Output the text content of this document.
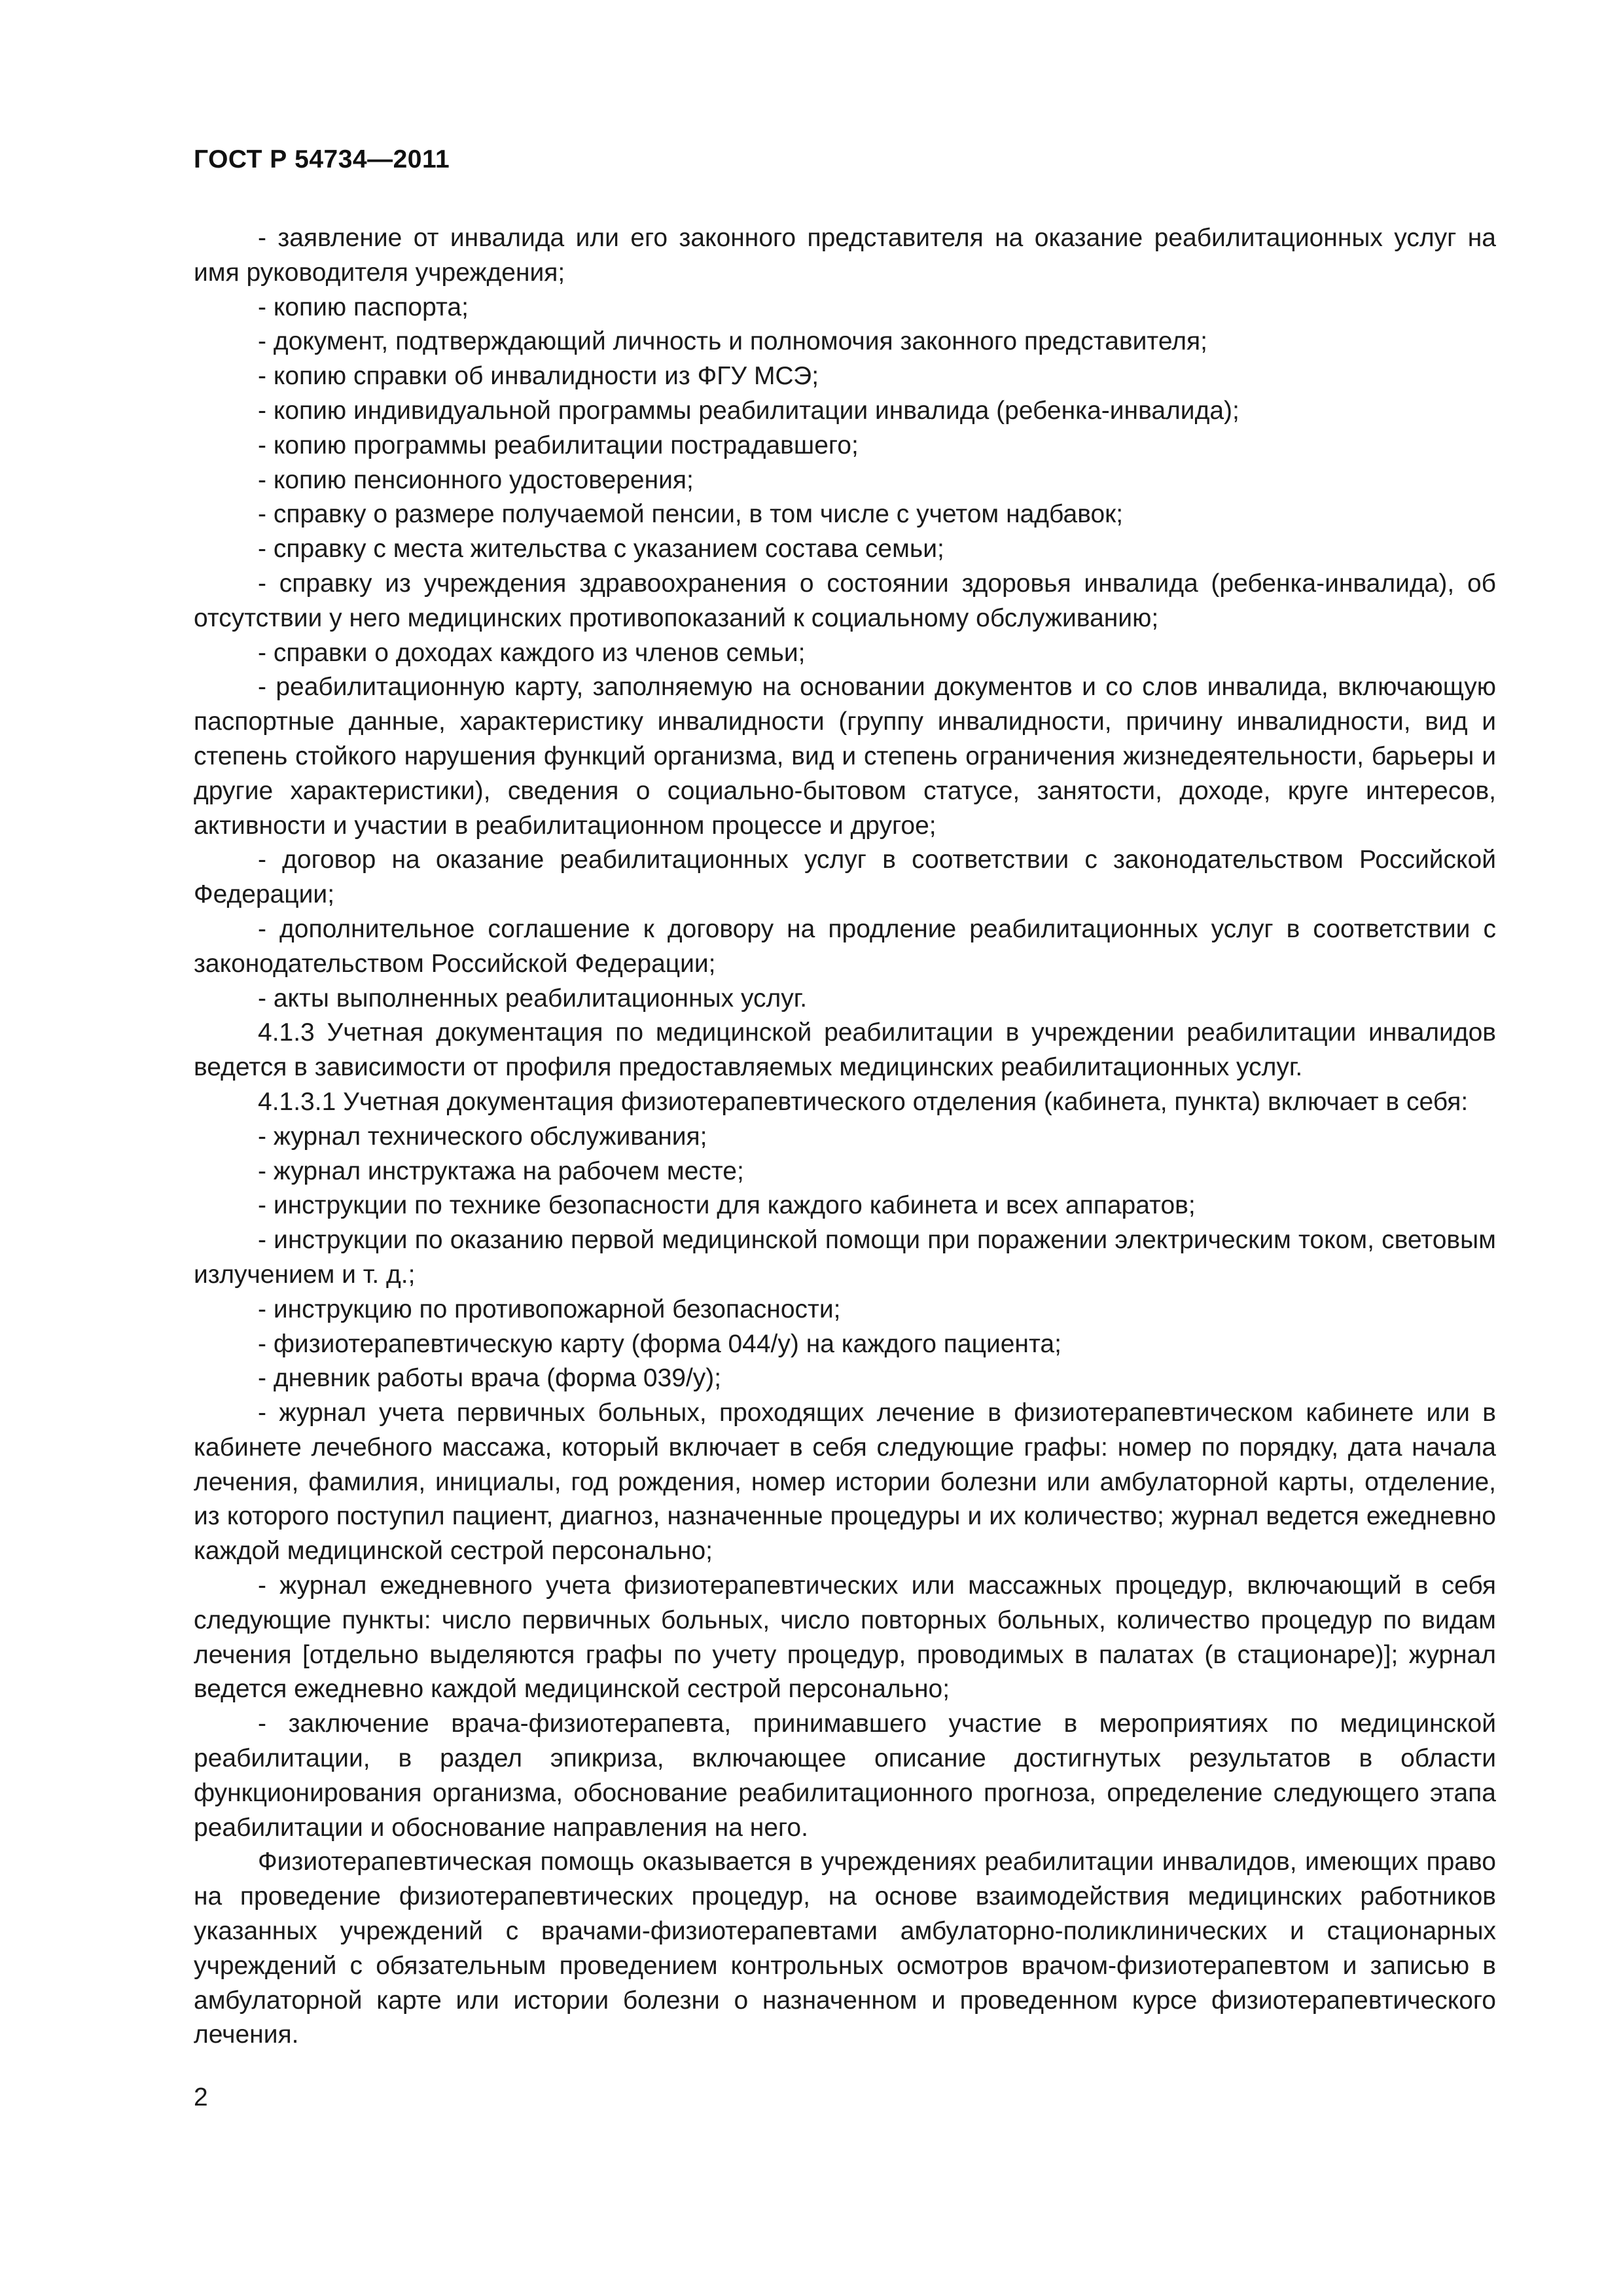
ГОСТ Р 54734—2011

- заявление от инвалида или его законного представителя на оказание реабилитационных услуг на имя руководителя учреждения;

- копию паспорта;

- документ, подтверждающий личность и полномочия законного представителя;

- копию справки об инвалидности из ФГУ МСЭ;

- копию индивидуальной программы реабилитации инвалида (ребенка-инвалида);

- копию программы реабилитации пострадавшего;

- копию пенсионного удостоверения;

- справку о размере получаемой пенсии, в том числе с учетом надбавок;

- справку с места жительства с указанием состава семьи;

- справку из учреждения здравоохранения о состоянии здоровья инвалида (ребенка-инвалида), об отсутствии у него медицинских противопоказаний к социальному обслуживанию;

- справки о доходах каждого из членов семьи;

- реабилитационную карту, заполняемую на основании документов и со слов инвалида, включающую паспортные данные, характеристику инвалидности (группу инвалидности, причину инвалидности, вид и степень стойкого нарушения функций организма, вид и степень ограничения жизнедеятельности, барьеры и другие характеристики), сведения о социально-бытовом статусе, занятости, доходе, круге интересов, активности и участии в реабилитационном процессе и другое;

- договор на оказание реабилитационных услуг в соответствии с законодательством Российской Федерации;

- дополнительное соглашение к договору на продление реабилитационных услуг в соответствии с законодательством Российской Федерации;

- акты выполненных реабилитационных услуг.

4.1.3 Учетная документация по медицинской реабилитации в учреждении реабилитации инвалидов ведется в зависимости от профиля предоставляемых медицинских реабилитационных услуг.

4.1.3.1 Учетная документация физиотерапевтического отделения (кабинета, пункта) включает в себя:

- журнал технического обслуживания;

- журнал инструктажа на рабочем месте;

- инструкции по технике безопасности для каждого кабинета и всех аппаратов;

- инструкции по оказанию первой медицинской помощи при поражении электрическим током, световым излучением и т. д.;

- инструкцию по противопожарной безопасности;

- физиотерапевтическую карту (форма 044/у) на каждого пациента;

- дневник работы врача (форма 039/у);

- журнал учета первичных больных, проходящих лечение в физиотерапевтическом кабинете или в кабинете лечебного массажа, который включает в себя следующие графы: номер по порядку, дата начала лечения, фамилия, инициалы, год рождения, номер истории болезни или амбулаторной карты, отделение, из которого поступил пациент, диагноз, назначенные процедуры и их количество; журнал ведется ежедневно каждой медицинской сестрой персонально;

- журнал ежедневного учета физиотерапевтических или массажных процедур, включающий в себя следующие пункты: число первичных больных, число повторных больных, количество процедур по видам лечения [отдельно выделяются графы по учету процедур, проводимых в палатах (в стационаре)]; журнал ведется ежедневно каждой медицинской сестрой персонально;

- заключение врача-физиотерапевта, принимавшего участие в мероприятиях по медицинской реабилитации, в раздел эпикриза, включающее описание достигнутых результатов в области функционирования организма, обоснование реабилитационного прогноза, определение следующего этапа реабилитации и обоснование направления на него.

Физиотерапевтическая помощь оказывается в учреждениях реабилитации инвалидов, имеющих право на проведение физиотерапевтических процедур, на основе взаимодействия медицинских работников указанных учреждений с врачами-физиотерапевтами амбулаторно-поликлинических и стационарных учреждений с обязательным проведением контрольных осмотров врачом-физиотерапевтом и записью в амбулаторной карте или истории болезни о назначенном и проведенном курсе физиотерапевтического лечения.

2
